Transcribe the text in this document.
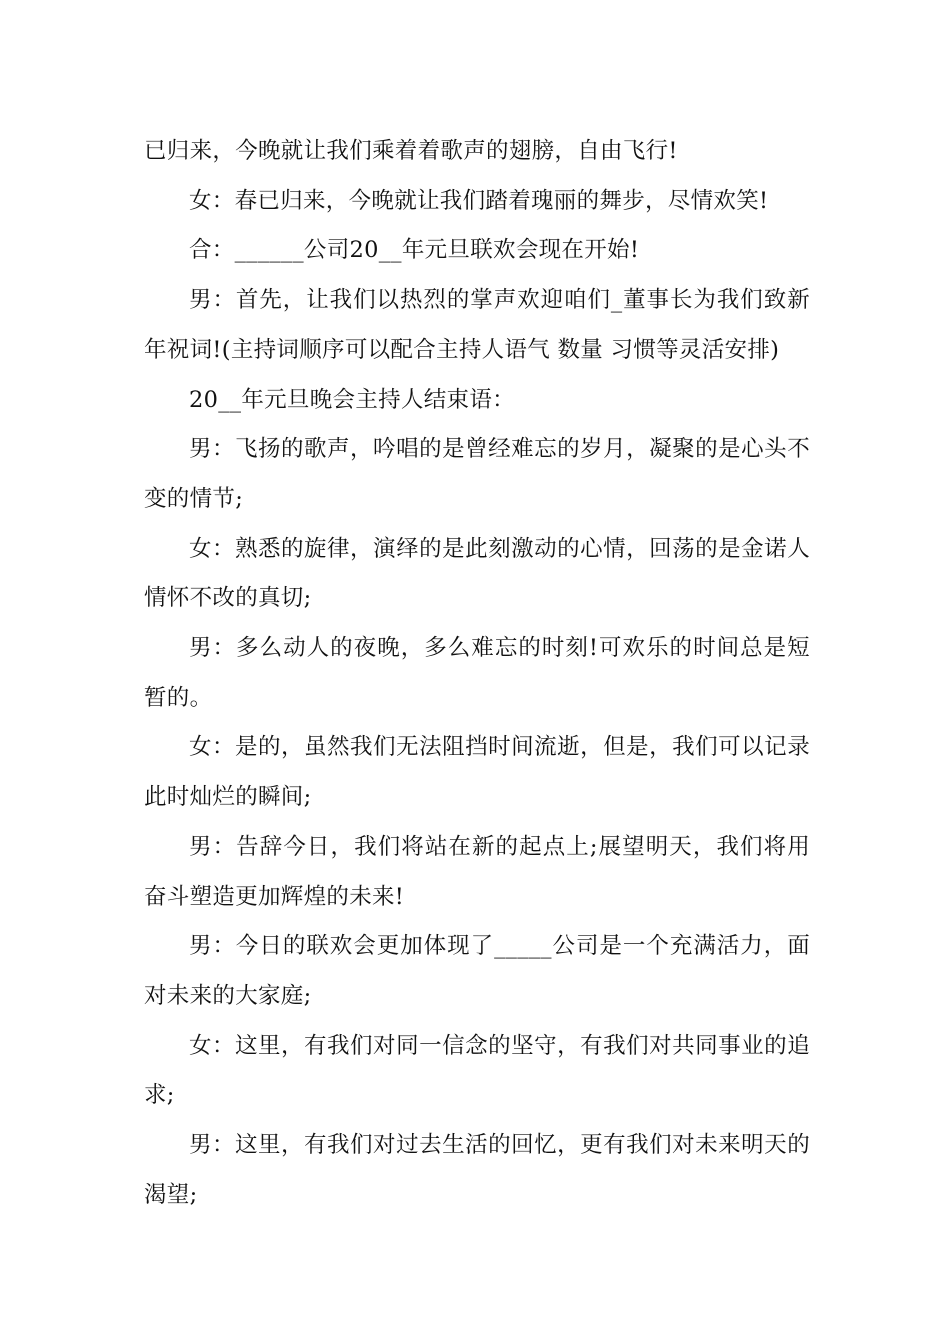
已归来，今晚就让我们乘着着歌声的翅膀，自由飞行!

女：春已归来，今晚就让我们踏着瑰丽的舞步，尽情欢笑!

合：______公司20__年元旦联欢会现在开始!

男：首先，让我们以热烈的掌声欢迎咱们_董事长为我们致新年祝词!(主持词顺序可以配合主持人语气 数量 习惯等灵活安排)

20__年元旦晚会主持人结束语：

男：飞扬的歌声，吟唱的是曾经难忘的岁月，凝聚的是心头不变的情节;

女：熟悉的旋律，演绎的是此刻激动的心情，回荡的是金诺人情怀不改的真切;

男：多么动人的夜晚，多么难忘的时刻!可欢乐的时间总是短暂的。

女：是的，虽然我们无法阻挡时间流逝，但是，我们可以记录此时灿烂的瞬间;

男：告辞今日，我们将站在新的起点上;展望明天，我们将用奋斗塑造更加辉煌的未来!

男：今日的联欢会更加体现了_____公司是一个充满活力，面对未来的大家庭;

女：这里，有我们对同一信念的坚守，有我们对共同事业的追求;

男：这里，有我们对过去生活的回忆，更有我们对未来明天的渴望;
